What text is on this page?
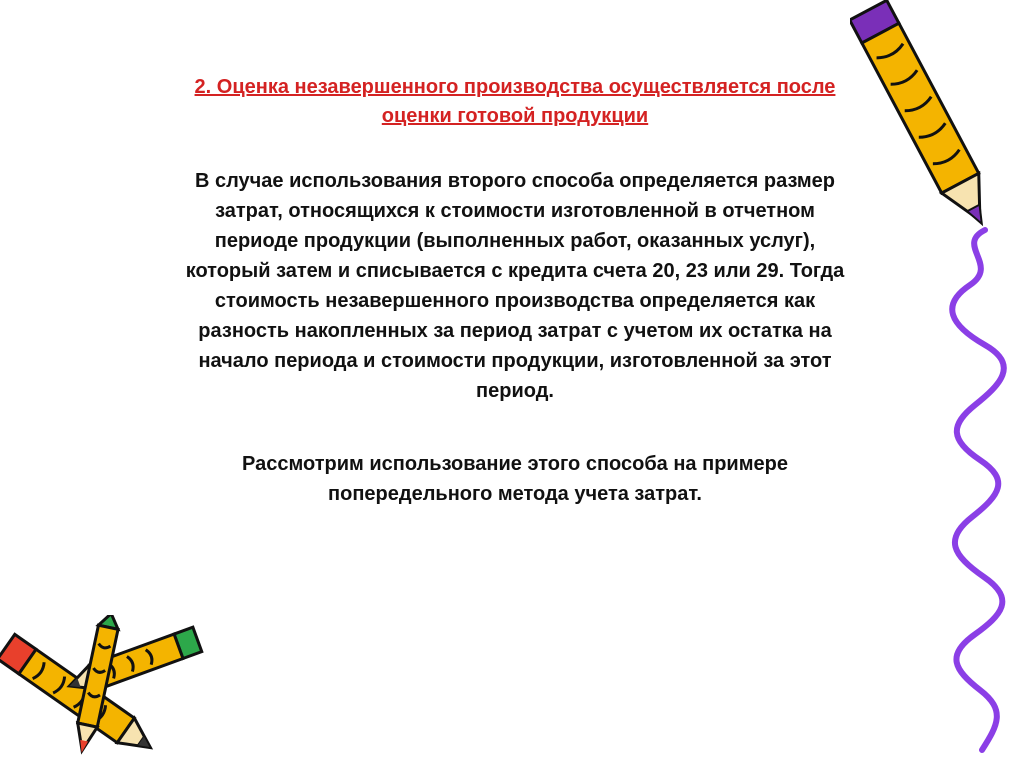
2. Оценка незавершенного производства осуществляется после
оценки готовой продукции
В случае использования второго способа определяется размер
затрат, относящихся к стоимости изготовленной в отчетном
периоде продукции (выполненных работ, оказанных услуг),
который затем и списывается с кредита счета 20, 23 или 29. Тогда
стоимость незавершенного производства определяется как
разность накопленных за период затрат с учетом их остатка на
начало периода и стоимости продукции, изготовленной за этот
период.
Рассмотрим использование этого способа на примере
попередельного метода учета затрат.
